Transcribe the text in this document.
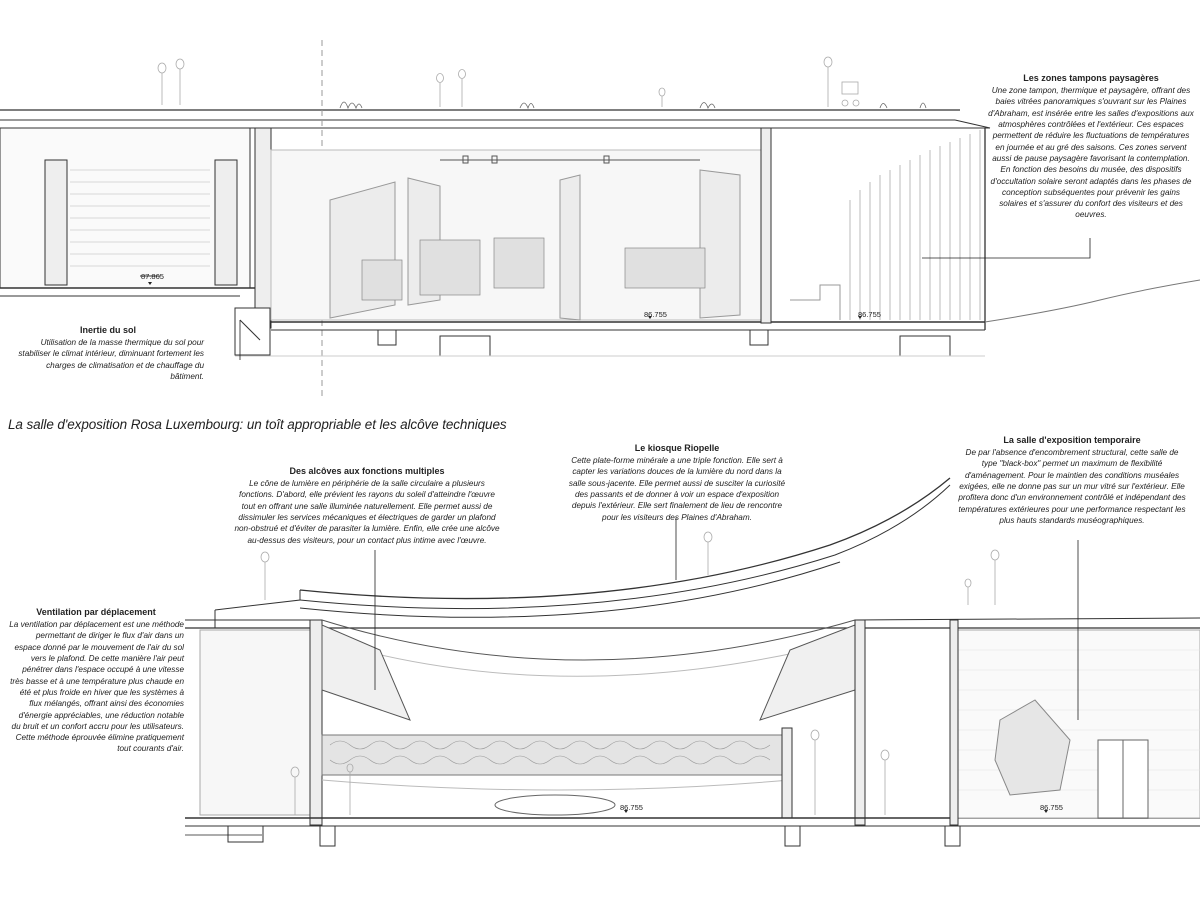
87.865
86.755	86.755
86.755	86.755
La salle d'exposition Rosa Luxembourg: un toît appropriable et les alcôve techniques
Les zones tampons paysagères
Une zone tampon, thermique et paysagère, offrant des baies vitrées panoramiques s'ouvrant sur les Plaines d'Abraham, est insérée entre les salles d'expositions aux atmosphères contrôlées et l'extérieur. Ces espaces permettent de réduire les fluctuations de températures en journée et au gré des saisons. Ces zones servent aussi de pause paysagère favorisant la contemplation. En fonction des besoins du musée, des dispositifs d'occultation solaire seront adaptés dans les phases de conception subséquentes pour prévenir les gains solaires et s'assurer du confort des visiteurs et des oeuvres.
Inertie du sol
Utilisation de la masse thermique du sol pour stabiliser le climat intérieur, diminuant fortement les charges de climatisation et de chauffage du bâtiment.
Des alcôves aux fonctions multiples
Le cône de lumière en périphérie de la salle circulaire a plusieurs fonctions. D'abord, elle prévient les rayons du soleil d'atteindre l'œuvre tout en offrant une salle illuminée naturellement. Elle permet aussi de dissimuler les services mécaniques et électriques de garder un plafond non-obstrué et d'éviter de parasiter la lumière. Enfin, elle crée une alcôve au-dessus des visiteurs, pour un contact plus intime avec l'œuvre.
Le kiosque Riopelle
Cette plate-forme minérale a une triple fonction. Elle sert à capter les variations douces de la lumière du nord dans la salle sous-jacente. Elle permet aussi de susciter la curiosité des passants et de donner à voir un espace d'exposition depuis l'extérieur. Elle sert finalement de lieu de rencontre pour les visiteurs des Plaines d'Abraham.
La salle d'exposition temporaire
De par l'absence d'encombrement structural, cette salle de type "black-box" permet un maximum de flexibilité d'aménagement. Pour le maintien des conditions muséales exigées, elle ne donne pas sur un mur vitré sur l'extérieur. Elle profitera donc d'un environnement contrôlé et indépendant des températures extérieures pour une performance respectant les plus hauts standards muséographiques.
Ventilation par déplacement
La ventilation par déplacement est une méthode permettant de diriger le flux d'air dans un espace donné par le mouvement de l'air du sol vers le plafond. De cette manière l'air peut pénétrer dans l'espace occupé à une vitesse très basse et à une température plus chaude en été et plus froide en hiver que les systèmes à flux mélangés, offrant ainsi des économies d'énergie appréciables, une réduction notable du bruit et un confort accru pour les utilisateurs. Cette méthode éprouvée élimine pratiquement tout courants d'air.
